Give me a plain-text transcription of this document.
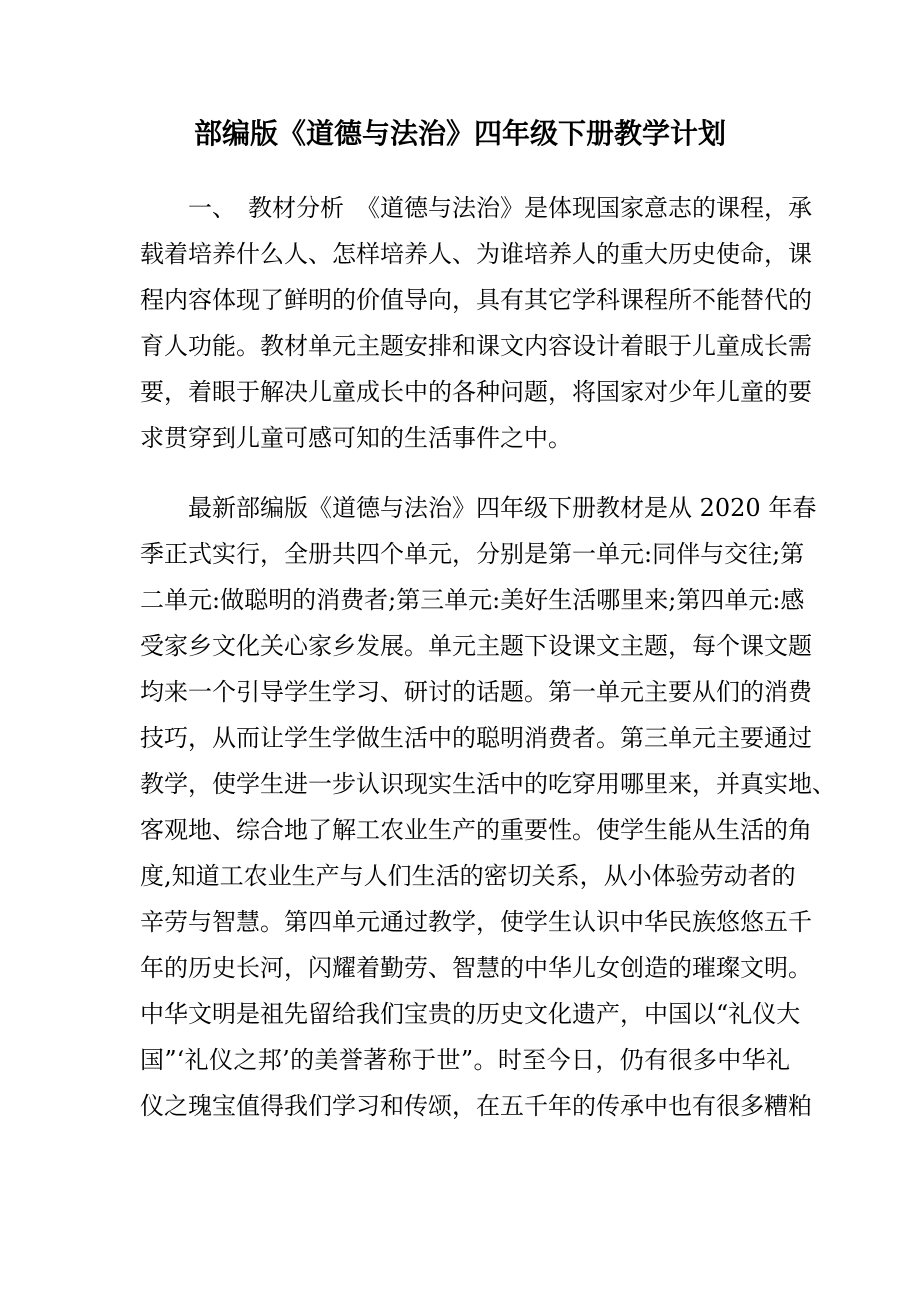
部编版《道德与法治》四年级下册教学计划
　　一、　教材分析　《道德与法治》是体现国家意志的课程，承
载着培养什么人、怎样培养人、为谁培养人的重大历史使命，课
程内容体现了鲜明的价值导向，具有其它学科课程所不能替代的
育人功能。教材单元主题安排和课文内容设计着眼于儿童成长需
要，着眼于解决儿童成长中的各种问题，将国家对少年儿童的要
求贯穿到儿童可感可知的生活事件之中。
　　最新部编版《道德与法治》四年级下册教材是从 2020 年春
季正式实行，全册共四个单元，分别是第一单元:同伴与交往;第
二单元:做聪明的消费者;第三单元:美好生活哪里来;第四单元:感
受家乡文化关心家乡发展。单元主题下设课文主题，每个课文题
均来一个引导学生学习、研讨的话题。第一单元主要从们的消费
技巧，从而让学生学做生活中的聪明消费者。第三单元主要通过
教学，使学生进一步认识现实生活中的吃穿用哪里来，并真实地、
客观地、综合地了解工农业生产的重要性。使学生能从生活的角
度,知道工农业生产与人们生活的密切关系，从小体验劳动者的
辛劳与智慧。第四单元通过教学，使学生认识中华民族悠悠五千
年的历史长河，闪耀着勤劳、智慧的中华儿女创造的璀璨文明。
中华文明是祖先留给我们宝贵的历史文化遗产，中国以“礼仪大
国”‘礼仪之邦’的美誉著称于世”。时至今日，仍有很多中华礼
仪之瑰宝值得我们学习和传颂，在五千年的传承中也有很多糟粕
